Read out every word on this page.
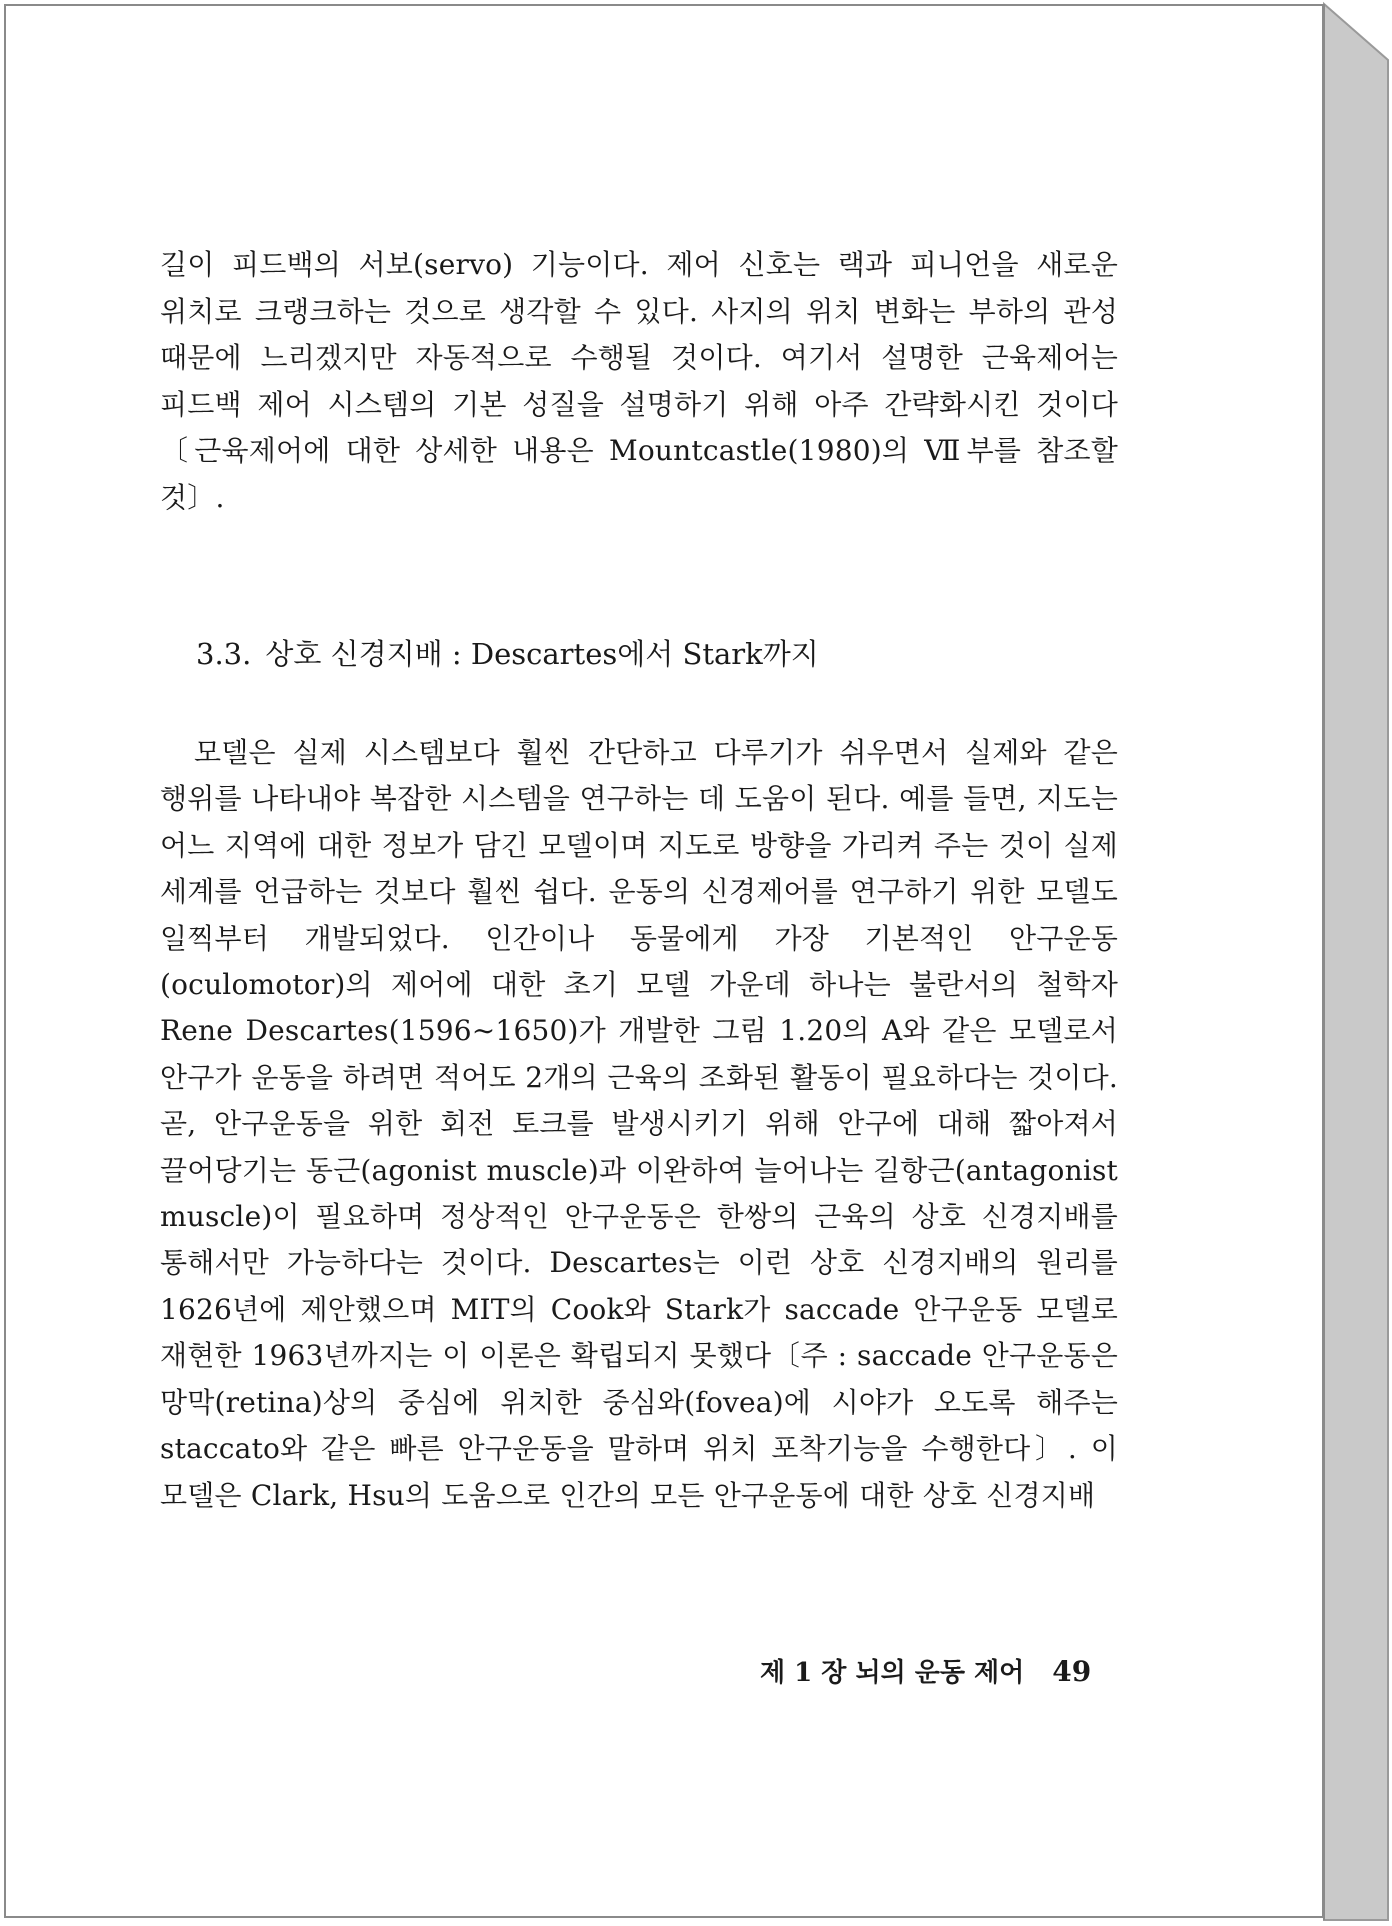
길이 피드백의 서보(servo) 기능이다. 제어 신호는 랙과 피니언을 새로운 위치로 크랭크하는 것으로 생각할 수 있다. 사지의 위치 변화는 부하의 관성 때문에 느리겠지만 자동적으로 수행될 것이다. 여기서 설명한 근육제어는 피드백 제어 시스템의 기본 성질을 설명하기 위해 아주 간략화시킨 것이다〔근육제어에 대한 상세한 내용은 Mountcastle(1980)의 Ⅶ부를 참조할 것〕.

3.3. 상호 신경지배 : Descartes에서 Stark까지

모델은 실제 시스템보다 훨씬 간단하고 다루기가 쉬우면서 실제와 같은 행위를 나타내야 복잡한 시스템을 연구하는 데 도움이 된다. 예를 들면, 지도는 어느 지역에 대한 정보가 담긴 모델이며 지도로 방향을 가리켜 주는 것이 실제 세계를 언급하는 것보다 훨씬 쉽다. 운동의 신경제어를 연구하기 위한 모델도 일찍부터 개발되었다. 인간이나 동물에게 가장 기본적인 안구운동(oculomotor)의 제어에 대한 초기 모델 가운데 하나는 불란서의 철학자 Rene Descartes(1596∼1650)가 개발한 그림 1.20의 A와 같은 모델로서 안구가 운동을 하려면 적어도 2개의 근육의 조화된 활동이 필요하다는 것이다. 곧, 안구운동을 위한 회전 토크를 발생시키기 위해 안구에 대해 짧아져서 끌어당기는 동근(agonist muscle)과 이완하여 늘어나는 길항근(antagonist muscle)이 필요하며 정상적인 안구운동은 한쌍의 근육의 상호 신경지배를 통해서만 가능하다는 것이다. Descartes는 이런 상호 신경지배의 원리를 1626년에 제안했으며 MIT의 Cook와 Stark가 saccade 안구운동 모델로 재현한 1963년까지는 이 이론은 확립되지 못했다〔주 : saccade 안구운동은 망막(retina)상의 중심에 위치한 중심와(fovea)에 시야가 오도록 해주는 staccato와 같은 빠른 안구운동을 말하며 위치 포착기능을 수행한다〕. 이 모델은 Clark, Hsu의 도움으로 인간의 모든 안구운동에 대한 상호 신경지배

제 1 장 뇌의 운동 제어 49
